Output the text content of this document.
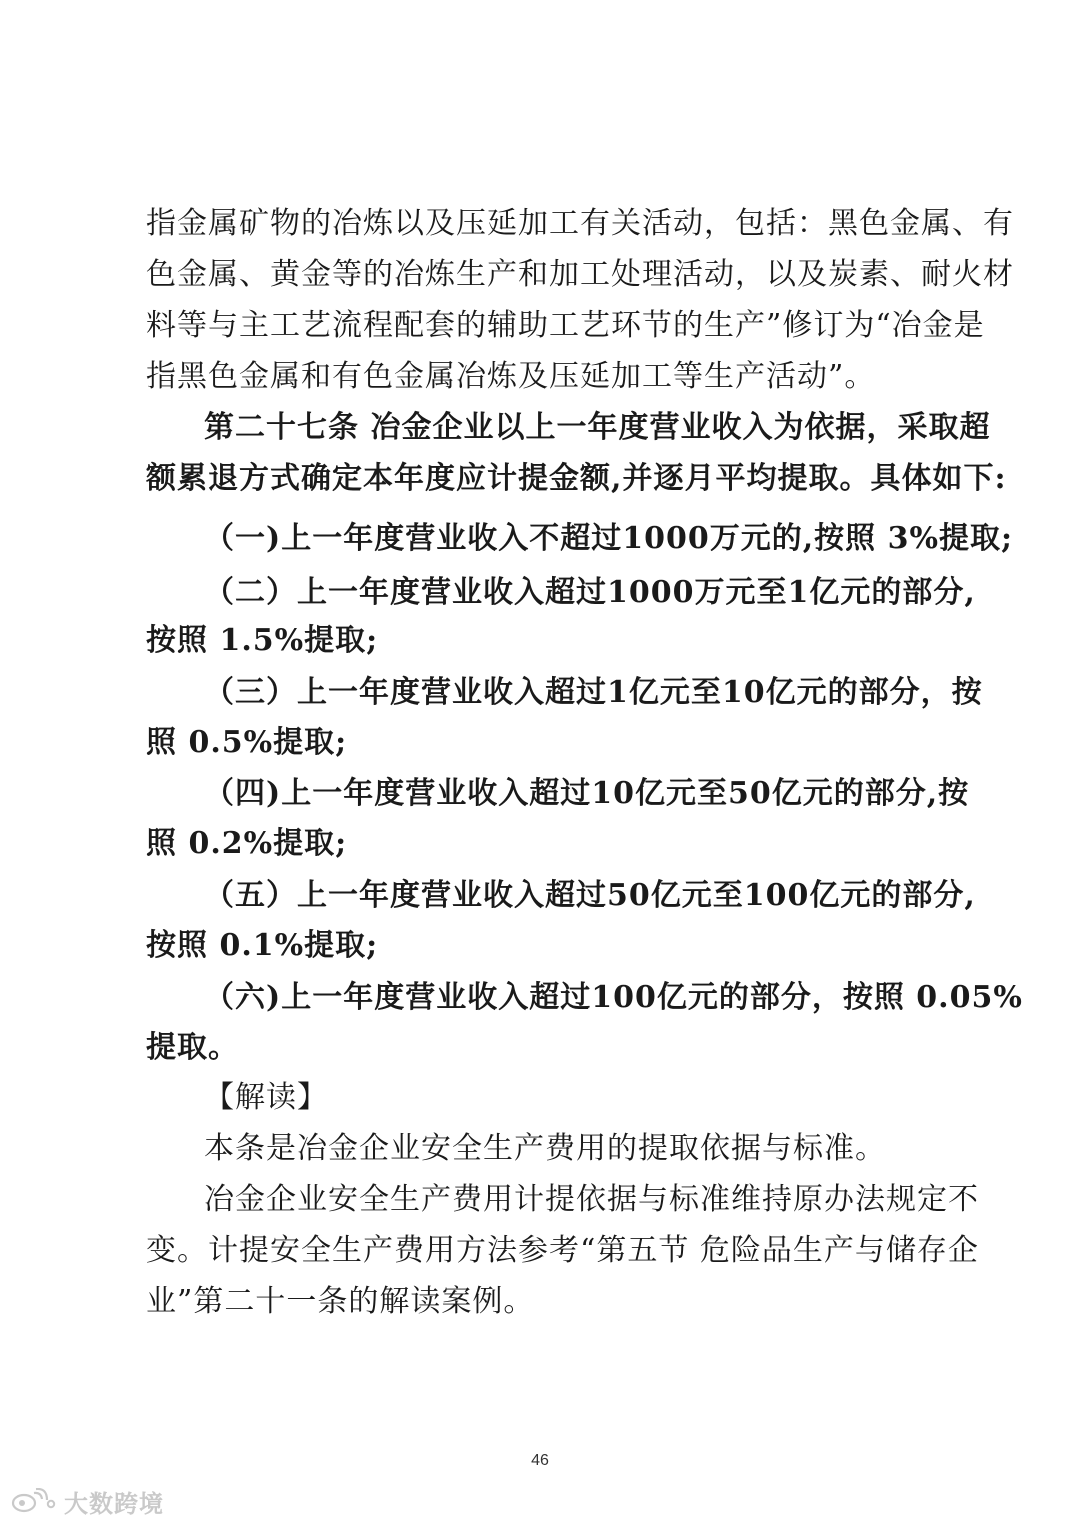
指金属矿物的冶炼以及压延加工有关活动，包括：黑色金属、有
色金属、黄金等的冶炼生产和加工处理活动，以及炭素、耐火材
料等与主工艺流程配套的辅助工艺环节的生产”修订为“冶金是
指黑色金属和有色金属冶炼及压延加工等生产活动”。
第二十七条 冶金企业以上一年度营业收入为依据，采取超
额累退方式确定本年度应计提金额,并逐月平均提取。具体如下:
（一)上一年度营业收入不超过1000万元的,按照 3%提取;
（二）上一年度营业收入超过1000万元至1亿元的部分,
按照 1.5%提取;
（三）上一年度营业收入超过1亿元至10亿元的部分，按
照 0.5%提取;
（四)上一年度营业收入超过10亿元至50亿元的部分,按
照 0.2%提取;
（五）上一年度营业收入超过50亿元至100亿元的部分,
按照 0.1%提取;
（六)上一年度营业收入超过100亿元的部分，按照 0.05%
提取。
【解读】
本条是冶金企业安全生产费用的提取依据与标准。
冶金企业安全生产费用计提依据与标准维持原办法规定不
变。计提安全生产费用方法参考“第五节 危险品生产与储存企
业”第二十一条的解读案例。
46
大数跨境
